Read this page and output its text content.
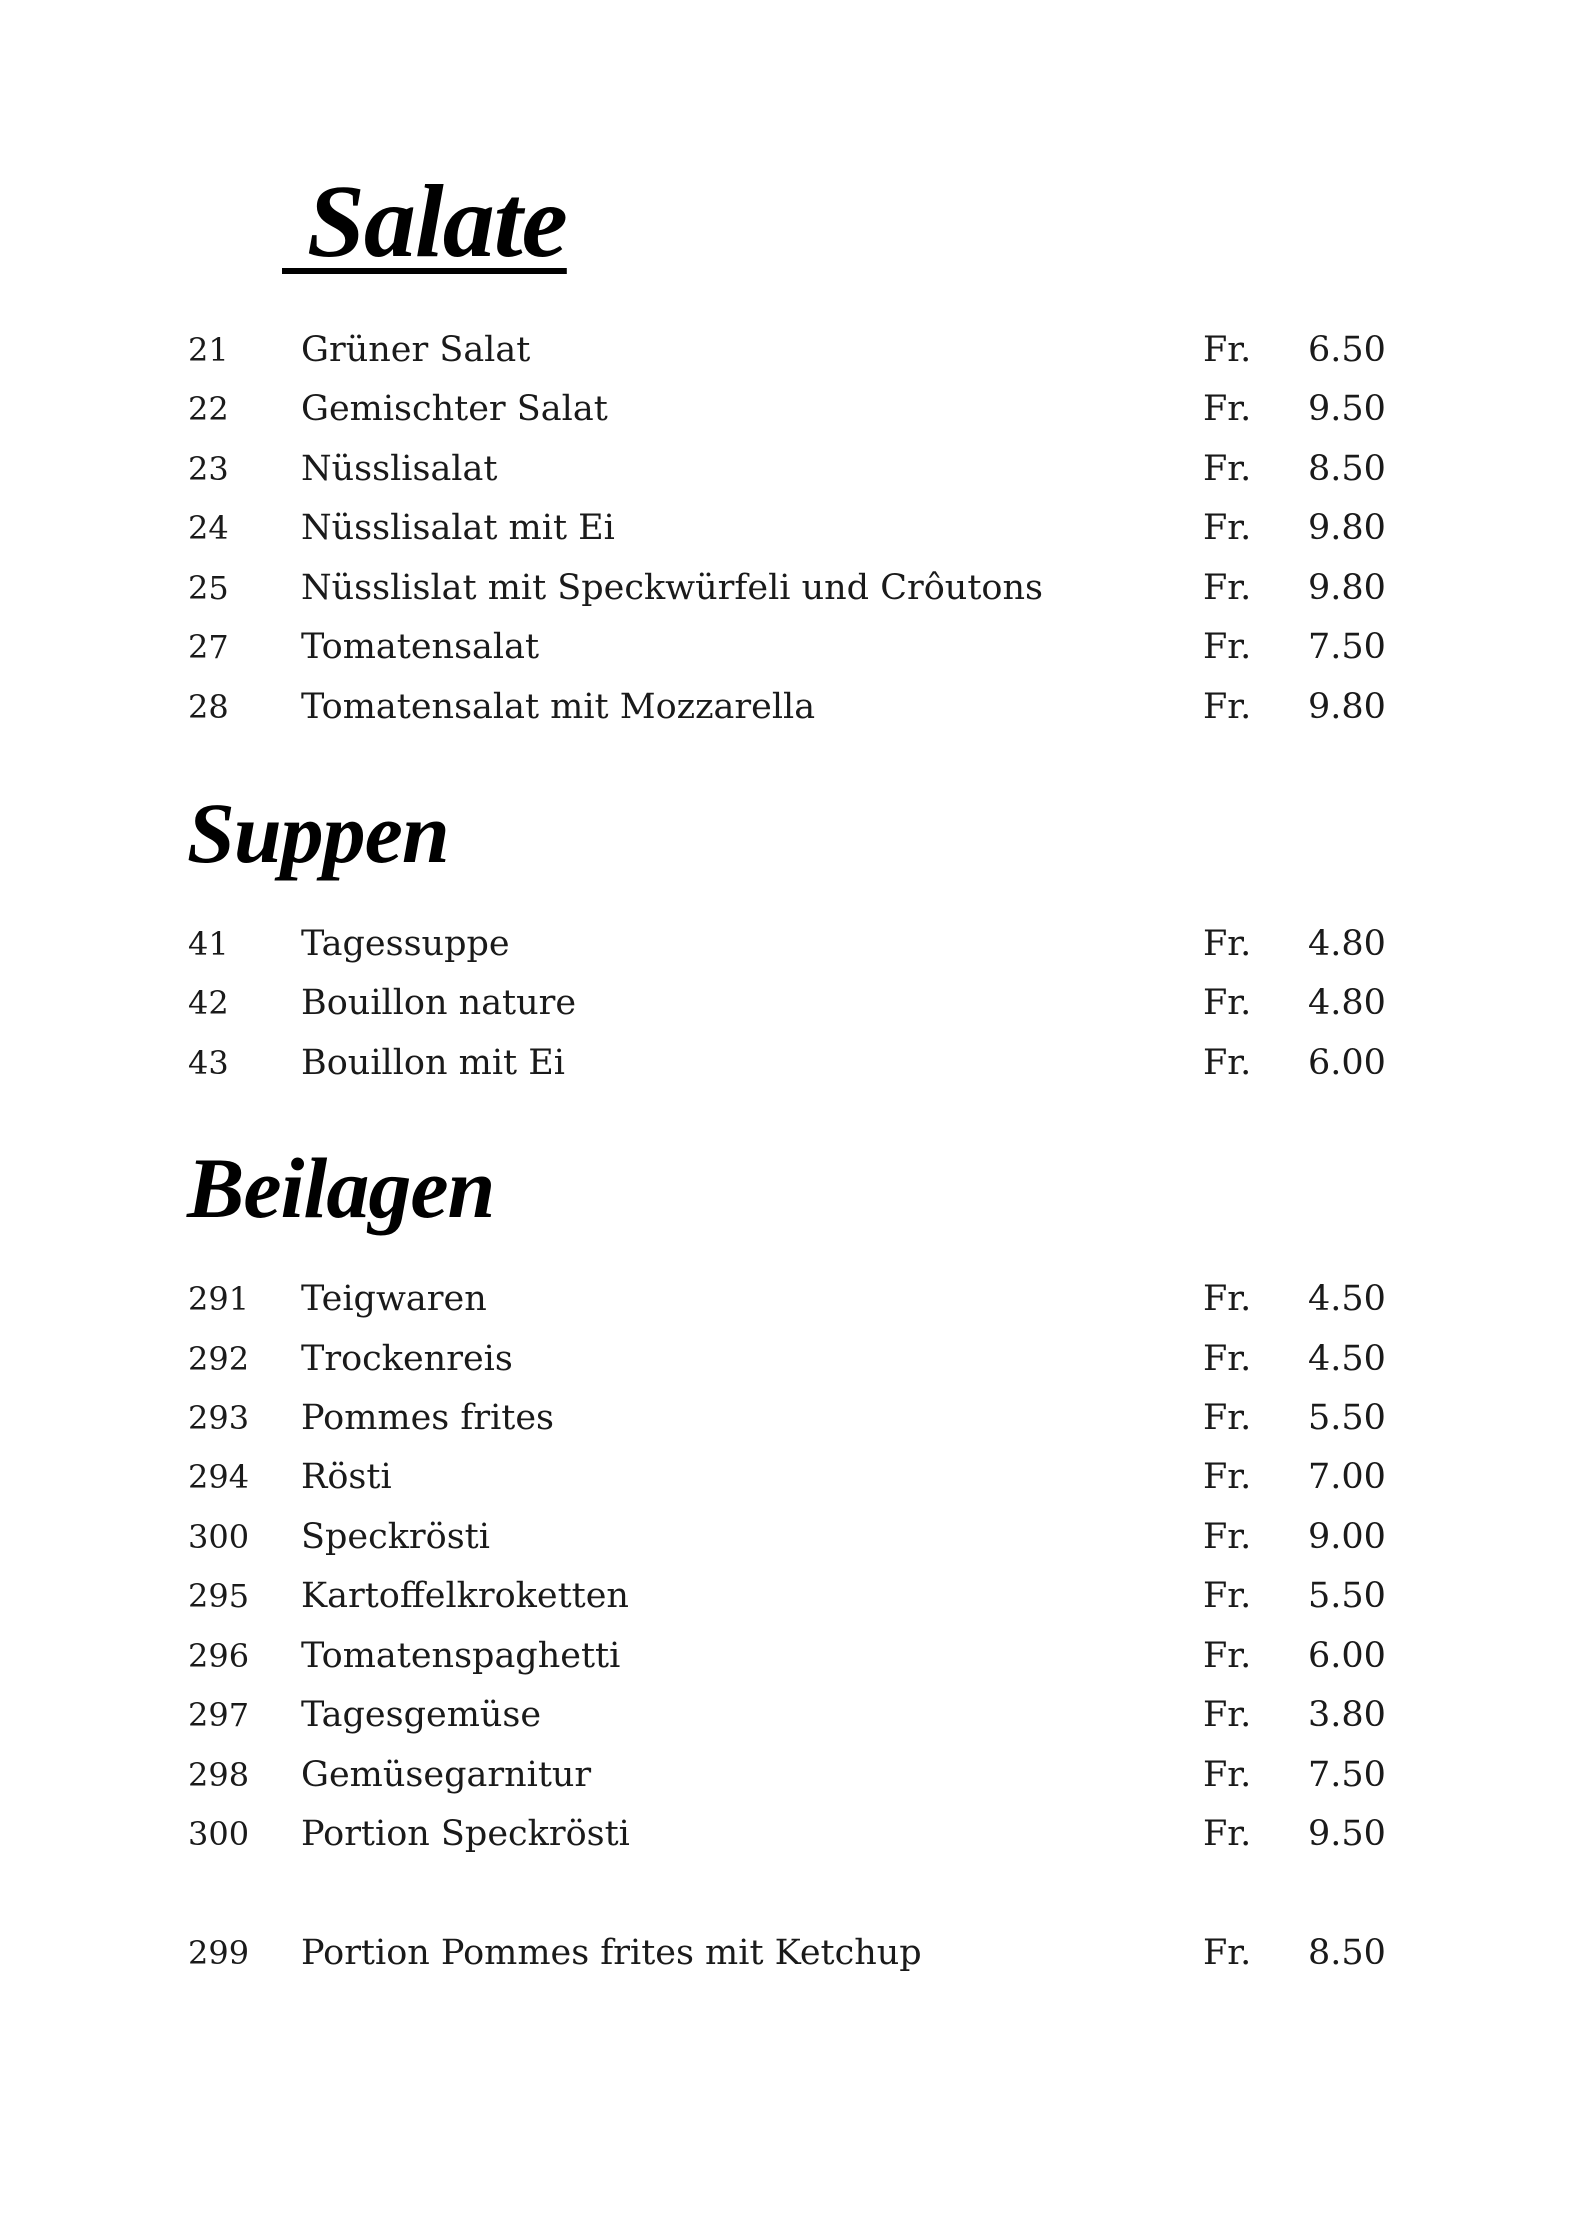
Salate
Suppen
Beilagen
21 Grüner Salat	Fr. 6.50
22 Gemischter Salat	Fr. 9.50
23 Nüsslisalat	Fr. 8.50
24 Nüsslisalat mit Ei	Fr. 9.80
25 Nüsslislat mit Speckwürfeli und Crôutons	Fr. 9.80
27 Tomatensalat	Fr. 7.50
28 Tomatensalat mit Mozzarella	Fr. 9.80
41 Tagessuppe	Fr. 4.80
42 Bouillon nature	Fr. 4.80
43 Bouillon mit Ei	Fr. 6.00
291 Teigwaren	Fr. 4.50
292 Trockenreis	Fr. 4.50
293 Pommes frites	Fr. 5.50
294 Rösti	Fr. 7.00
300 Speckrösti	Fr. 9.00
295 Kartoffelkroketten	Fr. 5.50
296 Tomatenspaghetti	Fr. 6.00
297 Tagesgemüse	Fr. 3.80
298 Gemüsegarnitur	Fr. 7.50
300 Portion Speckrösti	Fr. 9.50
299 Portion Pommes frites mit Ketchup	Fr. 8.50
